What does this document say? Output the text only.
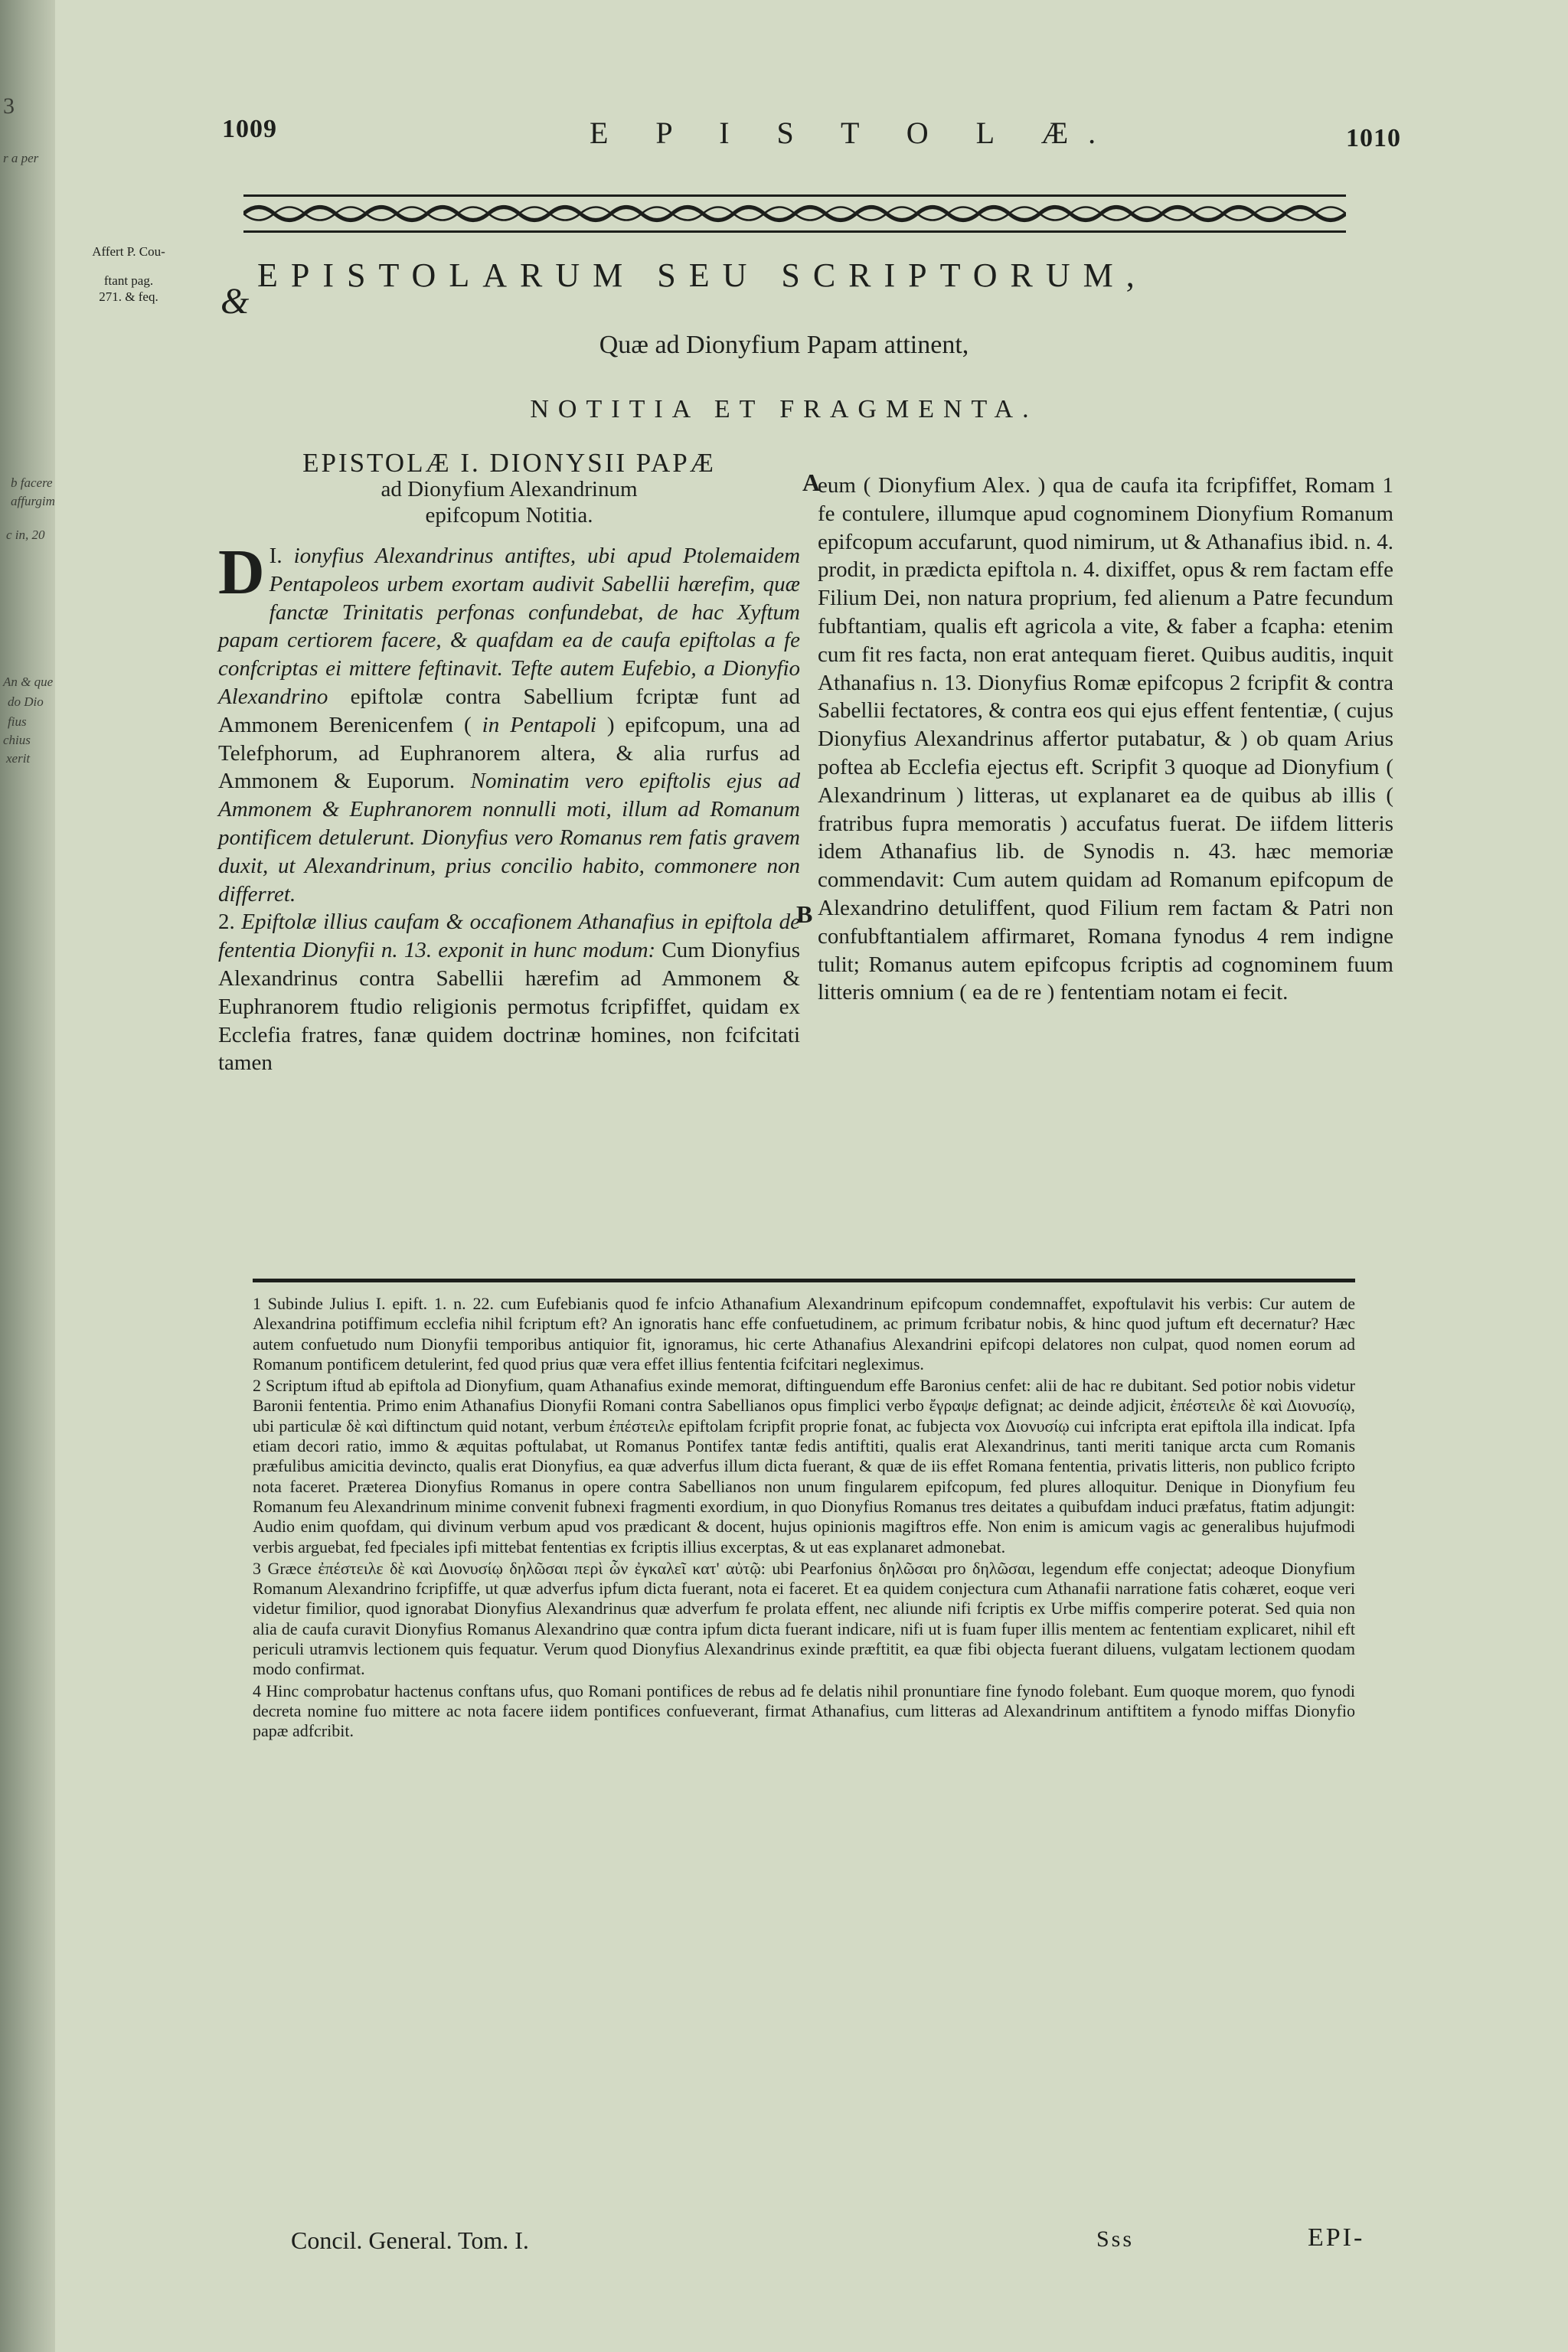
3
r a per
b facere
affurgim
c in, 20
An & que
do Dio
fius
chius
xerit
1009	E P I S T O L Æ.	1010
Affert P. Cou-
ftant pag.
271. & feq. &
EPISTOLARUM SEU SCRIPTORUM,
Quæ ad Dionyfium Papam attinent,
NOTITIA ET FRAGMENTA.
EPISTOLÆ I. DIONYSII PAPÆ
ad Dionyfium Alexandrinum
epifcopum Notitia.

I.
D ionyfius Alexandrinus antiftes, ubi apud Ptolemaidem Pentapoleos urbem exortam audivit Sabellii hærefim, quæ fanctæ Trinitatis perfonas confundebat, de hac Xyftum papam certiorem facere, & quafdam ea de caufa epiftolas a fe confcriptas ei mittere feftinavit. Tefte autem Eufebio, a Dionyfio Alexandrino epiftolæ contra Sabellium fcriptæ funt ad Ammonem Berenicenfem ( in Pentapoli ) epifcopum, una ad Telefphorum, ad Euphranorem altera, & alia rurfus ad Ammonem & Euporum. Nominatim vero epiftolis ejus ad Ammonem & Euphranorem nonnulli moti, illum ad Romanum pontificem detulerunt. Dionyfius vero Romanus rem fatis gravem duxit, ut Alexandrinum, prius concilio habito, commonere non differret.

2. Epiftolæ illius caufam & occafionem Athanafius in epiftola de fententia Dionyfii n. 13. exponit in hunc modum: Cum Dionyfius Alexandrinus contra Sabellii hærefim ad Ammonem & Euphranorem ftudio religionis permotus fcripfiffet, quidam ex Ecclefia fratres, fanæ quidem doctrinæ homines, non fcifcitati tamen

A
B

eum ( Dionyfium Alex. ) qua de caufa ita fcripfiffet, Romam 1 fe contulere, illumque apud cognominem Dionyfium Romanum epifcopum accufarunt, quod nimirum, ut & Athanafius ibid. n. 4. prodit, in prædicta epiftola n. 4. dixiffet, opus & rem factam effe Filium Dei, non natura proprium, fed alienum a Patre fecundum fubftantiam, qualis eft agricola a vite, & faber a fcapha: etenim cum fit res facta, non erat antequam fieret. Quibus auditis, inquit Athanafius n. 13. Dionyfius Romæ epifcopus 2 fcripfit & contra Sabellii fectatores, & contra eos qui ejus effent fententiæ, ( cujus Dionyfius Alexandrinus affertor putabatur, & ) ob quam Arius poftea ab Ecclefia ejectus eft. Scripfit 3 quoque ad Dionyfium ( Alexandrinum ) litteras, ut explanaret ea de quibus ab illis ( fratribus fupra memoratis ) accufatus fuerat. De iifdem litteris idem Athanafius lib. de Synodis n. 43. hæc memoriæ commendavit: Cum autem quidam ad Romanum epifcopum de Alexandrino detuliffent, quod Filium rem factam & Patri non confubftantialem affirmaret, Romana fynodus 4 rem indigne tulit; Romanus autem epifcopus fcriptis ad cognominem fuum litteris omnium ( ea de re ) fententiam notam ei fecit.

1 Subinde Julius I. epift. 1. n. 22. cum Eufebianis quod fe infcio Athanafium Alexandrinum epifcopum condemnaffet, expoftulavit his verbis: Cur autem de Alexandrina potiffimum ecclefia nihil fcriptum eft? An ignoratis hanc effe confuetudinem, ac primum fcribatur nobis, & hinc quod juftum eft decernatur? Hæc autem confuetudo num Dionyfii temporibus antiquior fit, ignoramus, hic certe Athanafius Alexandrini epifcopi delatores non culpat, quod nomen eorum ad Romanum pontificem detulerint, fed quod prius quæ vera effet illius fententia fcifcitari negleximus.

2 Scriptum iftud ab epiftola ad Dionyfium, quam Athanafius exinde memorat, diftinguendum effe Baronius cenfet: alii de hac re dubitant. Sed potior nobis videtur Baronii fententia. Primo enim Athanafius Dionyfii Romani contra Sabellianos opus fimplici verbo ἔγραψε defignat; ac deinde adjicit, ἐπέστειλε δὲ καὶ Διονυσίῳ, ubi particulæ δὲ καὶ diftinctum quid notant, verbum ἐπέστειλε epiftolam fcripfit proprie fonat, ac fubjecta vox Διονυσίῳ cui infcripta erat epiftola illa indicat. Ipfa etiam decori ratio, immo & æquitas poftulabat, ut Romanus Pontifex tantæ fedis antiftiti, qualis erat Alexandrinus, tanti meriti tanique arcta cum Romanis præfulibus amicitia devincto, qualis erat Dionyfius, ea quæ adverfus illum dicta fuerant, & quæ de iis effet Romana fententia, privatis litteris, non publico fcripto nota faceret. Præterea Dionyfius Romanus in opere contra Sabellianos non unum fingularem epifcopum, fed plures alloquitur. Denique in Dionyfium feu Romanum feu Alexandrinum minime convenit fubnexi fragmenti exordium, in quo Dionyfius Romanus tres deitates a quibufdam induci præfatus, ftatim adjungit: Audio enim quofdam, qui divinum verbum apud vos prædicant & docent, hujus opinionis magiftros effe. Non enim is amicum vagis ac generalibus hujufmodi verbis arguebat, fed fpeciales ipfi mittebat fententias ex fcriptis illius excerptas, & ut eas explanaret admonebat.

3 Græce ἐπέστειλε δὲ καὶ Διονυσίῳ δηλῶσαι περὶ ὧν ἐγκαλεῖ κατ' αὐτῷ: ubi Pearfonius δηλῶσαι pro δηλῶσαι, legendum effe conjectat; adeoque Dionyfium Romanum Alexandrino fcripfiffe, ut quæ adverfus ipfum dicta fuerant, nota ei faceret. Et ea quidem conjectura cum Athanafii narratione fatis cohæret, eoque veri videtur fimilior, quod ignorabat Dionyfius Alexandrinus quæ adverfum fe prolata effent, nec aliunde nifi fcriptis ex Urbe miffis comperire poterat. Sed quia non alia de caufa curavit Dionyfius Romanus Alexandrino quæ contra ipfum dicta fuerant indicare, nifi ut is fuam fuper illis mentem ac fententiam explicaret, nihil eft periculi utramvis lectionem quis fequatur. Verum quod Dionyfius Alexandrinus exinde præftitit, ea quæ fibi objecta fuerant diluens, vulgatam lectionem quodam modo confirmat.

4 Hinc comprobatur hactenus conftans ufus, quo Romani pontifices de rebus ad fe delatis nihil pronuntiare fine fynodo folebant. Eum quoque morem, quo fynodi decreta nomine fuo mittere ac nota facere iidem pontifices confueverant, firmat Athanafius, cum litteras ad Alexandrinum antiftitem a fynodo miffas Dionyfio papæ adfcribit.

Concil. General. Tom. I.	Sss	EPI-
